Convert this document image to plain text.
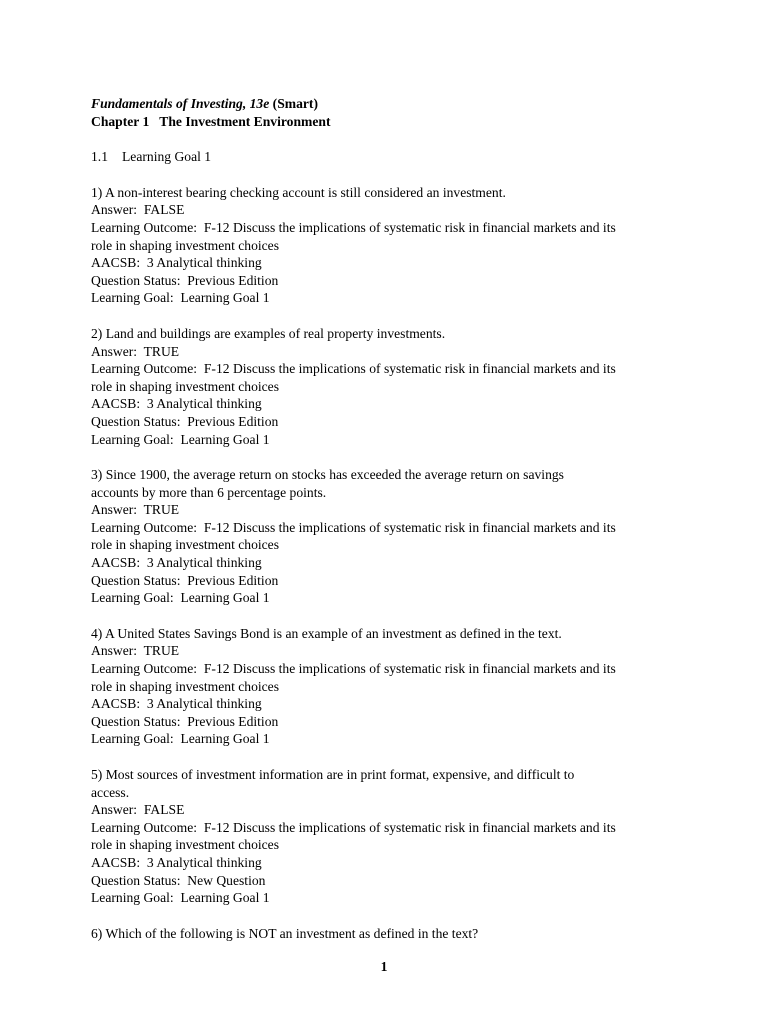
Fundamentals of Investing, 13e (Smart)
Chapter 1 The Investment Environment
1.1 Learning Goal 1
1) A non-interest bearing checking account is still considered an investment.
Answer:  FALSE
Learning Outcome:  F-12 Discuss the implications of systematic risk in financial markets and its
role in shaping investment choices
AACSB:  3 Analytical thinking
Question Status:  Previous Edition
Learning Goal:  Learning Goal 1
2) Land and buildings are examples of real property investments.
Answer:  TRUE
Learning Outcome:  F-12 Discuss the implications of systematic risk in financial markets and its
role in shaping investment choices
AACSB:  3 Analytical thinking
Question Status:  Previous Edition
Learning Goal:  Learning Goal 1
3) Since 1900, the average return on stocks has exceeded the average return on savings
accounts by more than 6 percentage points.
Answer:  TRUE
Learning Outcome:  F-12 Discuss the implications of systematic risk in financial markets and its
role in shaping investment choices
AACSB:  3 Analytical thinking
Question Status:  Previous Edition
Learning Goal:  Learning Goal 1
4) A United States Savings Bond is an example of an investment as defined in the text.
Answer:  TRUE
Learning Outcome:  F-12 Discuss the implications of systematic risk in financial markets and its
role in shaping investment choices
AACSB:  3 Analytical thinking
Question Status:  Previous Edition
Learning Goal:  Learning Goal 1
5) Most sources of investment information are in print format, expensive, and difficult to
access.
Answer:  FALSE
Learning Outcome:  F-12 Discuss the implications of systematic risk in financial markets and its
role in shaping investment choices
AACSB:  3 Analytical thinking
Question Status:  New Question
Learning Goal:  Learning Goal 1
6) Which of the following is NOT an investment as defined in the text?
1
